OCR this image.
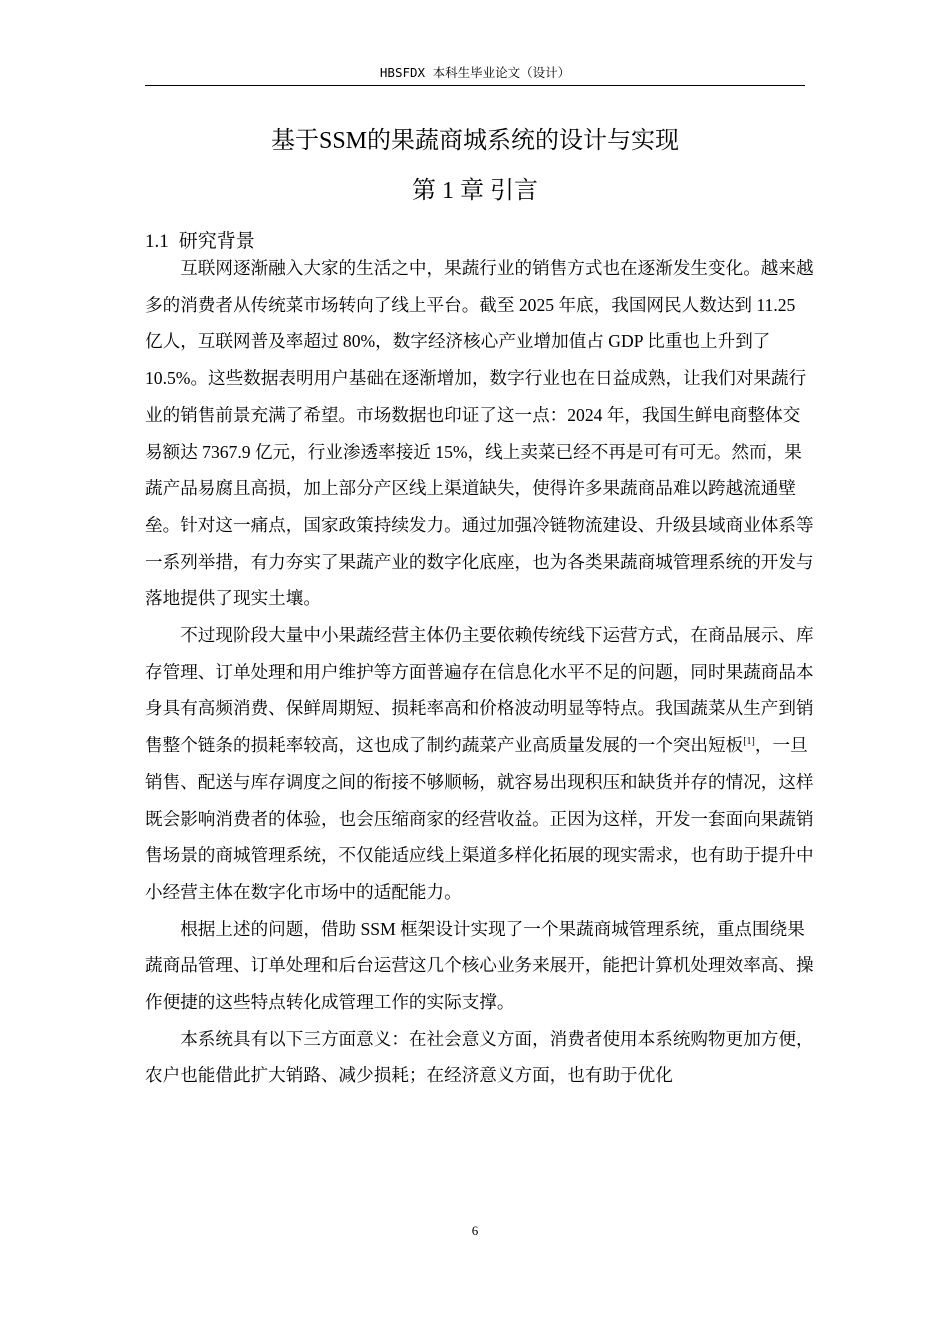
HBSFDX 本科生毕业论文（设计）
基于SSM的果蔬商城系统的设计与实现
第 1 章 引言
1.1 研究背景

互联网逐渐融入大家的生活之中，果蔬行业的销售方式也在逐渐发生变化。越来越多的消费者从传统菜市场转向了线上平台。截至 2025 年底，我国网民人数达到 11.25 亿人，互联网普及率超过 80%，数字经济核心产业增加值占 GDP 比重也上升到了 10.5%。这些数据表明用户基础在逐渐增加，数字行业也在日益成熟，让我们对果蔬行业的销售前景充满了希望。市场数据也印证了这一点：2024 年，我国生鲜电商整体交易额达 7367.9 亿元，行业渗透率接近 15%，线上卖菜已经不再是可有可无。然而，果蔬产品易腐且高损，加上部分产区线上渠道缺失，使得许多果蔬商品难以跨越流通壁垒。针对这一痛点，国家政策持续发力。通过加强冷链物流建设、升级县域商业体系等一系列举措，有力夯实了果蔬产业的数字化底座，也为各类果蔬商城管理系统的开发与落地提供了现实土壤。

不过现阶段大量中小果蔬经营主体仍主要依赖传统线下运营方式，在商品展示、库存管理、订单处理和用户维护等方面普遍存在信息化水平不足的问题，同时果蔬商品本身具有高频消费、保鲜周期短、损耗率高和价格波动明显等特点。我国蔬菜从生产到销售整个链条的损耗率较高，这也成了制约蔬菜产业高质量发展的一个突出短板[1]，一旦销售、配送与库存调度之间的衔接不够顺畅，就容易出现积压和缺货并存的情况，这样既会影响消费者的体验，也会压缩商家的经营收益。正因为这样，开发一套面向果蔬销售场景的商城管理系统，不仅能适应线上渠道多样化拓展的现实需求，也有助于提升中小经营主体在数字化市场中的适配能力。

根据上述的问题，借助 SSM 框架设计实现了一个果蔬商城管理系统，重点围绕果蔬商品管理、订单处理和后台运营这几个核心业务来展开，能把计算机处理效率高、操作便捷的这些特点转化成管理工作的实际支撑。

本系统具有以下三方面意义：在社会意义方面，消费者使用本系统购物更加方便，农户也能借此扩大销路、减少损耗；在经济意义方面，也有助于优化

6
